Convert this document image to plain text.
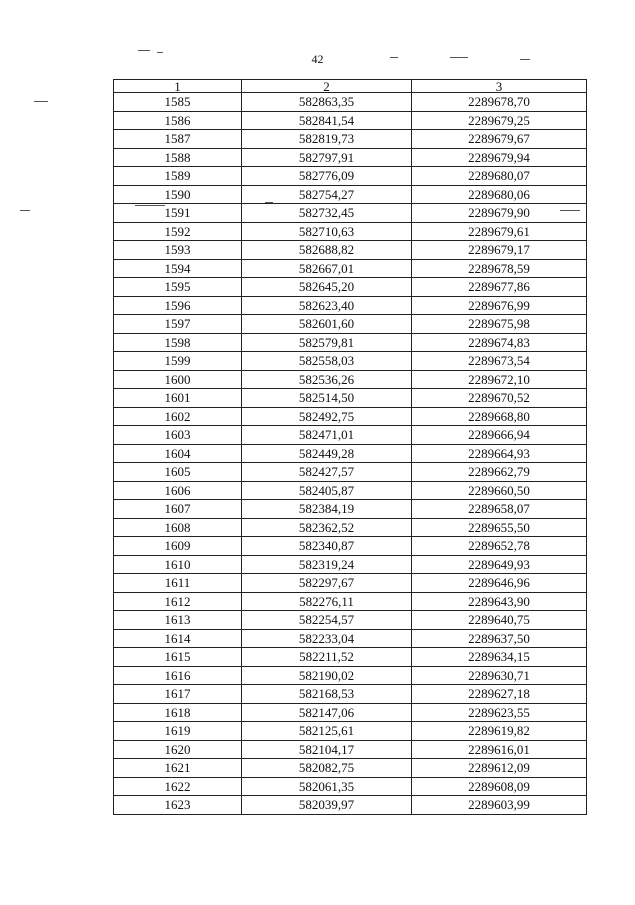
42
1	2	3
1585	582863,35	2289678,70
1586	582841,54	2289679,25
1587	582819,73	2289679,67
1588	582797,91	2289679,94
1589	582776,09	2289680,07
1590	582754,27	2289680,06
1591	582732,45	2289679,90
1592	582710,63	2289679,61
1593	582688,82	2289679,17
1594	582667,01	2289678,59
1595	582645,20	2289677,86
1596	582623,40	2289676,99
1597	582601,60	2289675,98
1598	582579,81	2289674,83
1599	582558,03	2289673,54
1600	582536,26	2289672,10
1601	582514,50	2289670,52
1602	582492,75	2289668,80
1603	582471,01	2289666,94
1604	582449,28	2289664,93
1605	582427,57	2289662,79
1606	582405,87	2289660,50
1607	582384,19	2289658,07
1608	582362,52	2289655,50
1609	582340,87	2289652,78
1610	582319,24	2289649,93
1611	582297,67	2289646,96
1612	582276,11	2289643,90
1613	582254,57	2289640,75
1614	582233,04	2289637,50
1615	582211,52	2289634,15
1616	582190,02	2289630,71
1617	582168,53	2289627,18
1618	582147,06	2289623,55
1619	582125,61	2289619,82
1620	582104,17	2289616,01
1621	582082,75	2289612,09
1622	582061,35	2289608,09
1623	582039,97	2289603,99
